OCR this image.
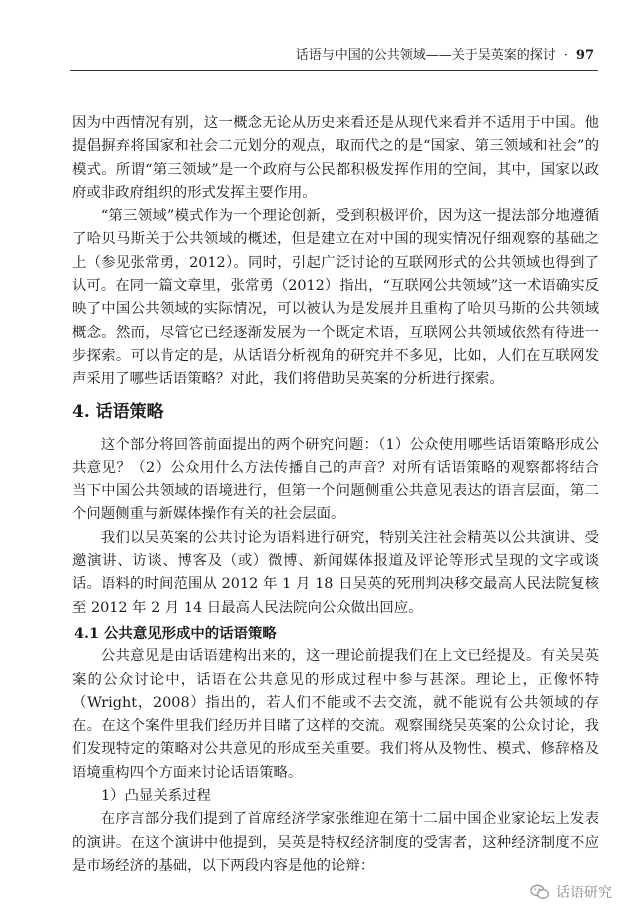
话语与中国的公共领域——关于吴英案的探讨 · 97

因为中西情况有别，这一概念无论从历史来看还是从现代来看并不适用于中国。他提倡摒弃将国家和社会二元划分的观点，取而代之的是“国家、第三领域和社会”的模式。所谓“第三领域”是一个政府与公民都积极发挥作用的空间，其中，国家以政府或非政府组织的形式发挥主要作用。

“第三领域”模式作为一个理论创新，受到积极评价，因为这一提法部分地遵循了哈贝马斯关于公共领域的概述，但是建立在对中国的现实情况仔细观察的基础之上（参见张常勇，2012）。同时，引起广泛讨论的互联网形式的公共领域也得到了认可。在同一篇文章里，张常勇（2012）指出，“互联网公共领域”这一术语确实反映了中国公共领域的实际情况，可以被认为是发展并且重构了哈贝马斯的公共领域概念。然而，尽管它已经逐渐发展为一个既定术语，互联网公共领域依然有待进一步探索。可以肯定的是，从话语分析视角的研究并不多见，比如，人们在互联网发声采用了哪些话语策略？对此，我们将借助吴英案的分析进行探索。

4. 话语策略

这个部分将回答前面提出的两个研究问题：（1）公众使用哪些话语策略形成公共意见？（2）公众用什么方法传播自己的声音？对所有话语策略的观察都将结合当下中国公共领域的语境进行，但第一个问题侧重公共意见表达的语言层面，第二个问题侧重与新媒体操作有关的社会层面。

我们以吴英案的公共讨论为语料进行研究，特别关注社会精英以公共演讲、受邀演讲、访谈、博客及（或）微博、新闻媒体报道及评论等形式呈现的文字或谈话。语料的时间范围从 2012 年 1 月 18 日吴英的死刑判决移交最高人民法院复核至 2012 年 2 月 14 日最高人民法院向公众做出回应。

4.1 公共意见形成中的话语策略

公共意见是由话语建构出来的，这一理论前提我们在上文已经提及。有关吴英案的公众讨论中，话语在公共意见的形成过程中参与甚深。理论上，正像怀特（Wright，2008）指出的，若人们不能或不去交流，就不能说有公共领域的存在。在这个案件里我们经历并目睹了这样的交流。观察围绕吴英案的公众讨论，我们发现特定的策略对公共意见的形成至关重要。我们将从及物性、模式、修辞格及语境重构四个方面来讨论话语策略。

1）凸显关系过程

在序言部分我们提到了首席经济学家张维迎在第十二届中国企业家论坛上发表的演讲。在这个演讲中他提到，吴英是特权经济制度的受害者，这种经济制度不应是市场经济的基础，以下两段内容是他的论辩：

话语研究
